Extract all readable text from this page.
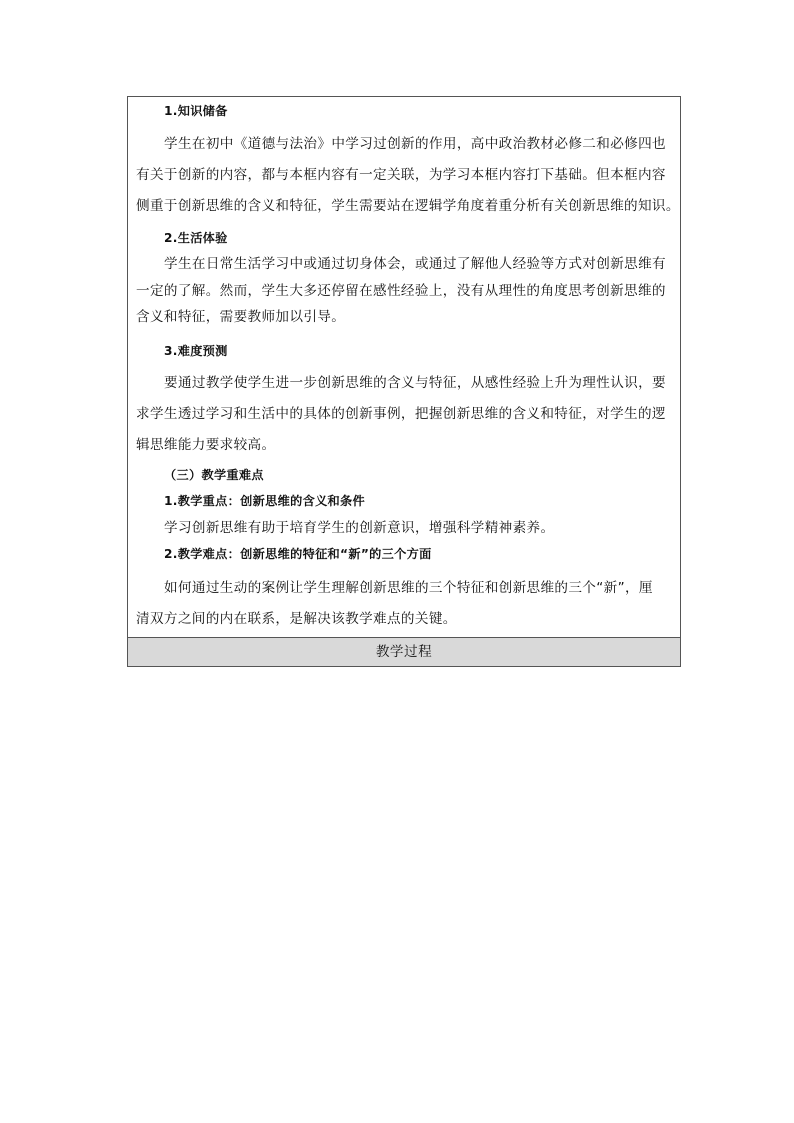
1.知识储备
学生在初中《道德与法治》中学习过创新的作用，高中政治教材必修二和必修四也
有关于创新的内容，都与本框内容有一定关联，为学习本框内容打下基础。但本框内容
侧重于创新思维的含义和特征，学生需要站在逻辑学角度着重分析有关创新思维的知识。
2.生活体验
学生在日常生活学习中或通过切身体会，或通过了解他人经验等方式对创新思维有
一定的了解。然而，学生大多还停留在感性经验上，没有从理性的角度思考创新思维的
含义和特征，需要教师加以引导。
3.难度预测
要通过教学使学生进一步创新思维的含义与特征，从感性经验上升为理性认识，要
求学生透过学习和生活中的具体的创新事例，把握创新思维的含义和特征，对学生的逻
辑思维能力要求较高。
（三）教学重难点
1.教学重点：创新思维的含义和条件
学习创新思维有助于培育学生的创新意识，增强科学精神素养。
2.教学难点：创新思维的特征和“新”的三个方面
如何通过生动的案例让学生理解创新思维的三个特征和创新思维的三个“新”，厘
清双方之间的内在联系，是解决该教学难点的关键。
教学过程
